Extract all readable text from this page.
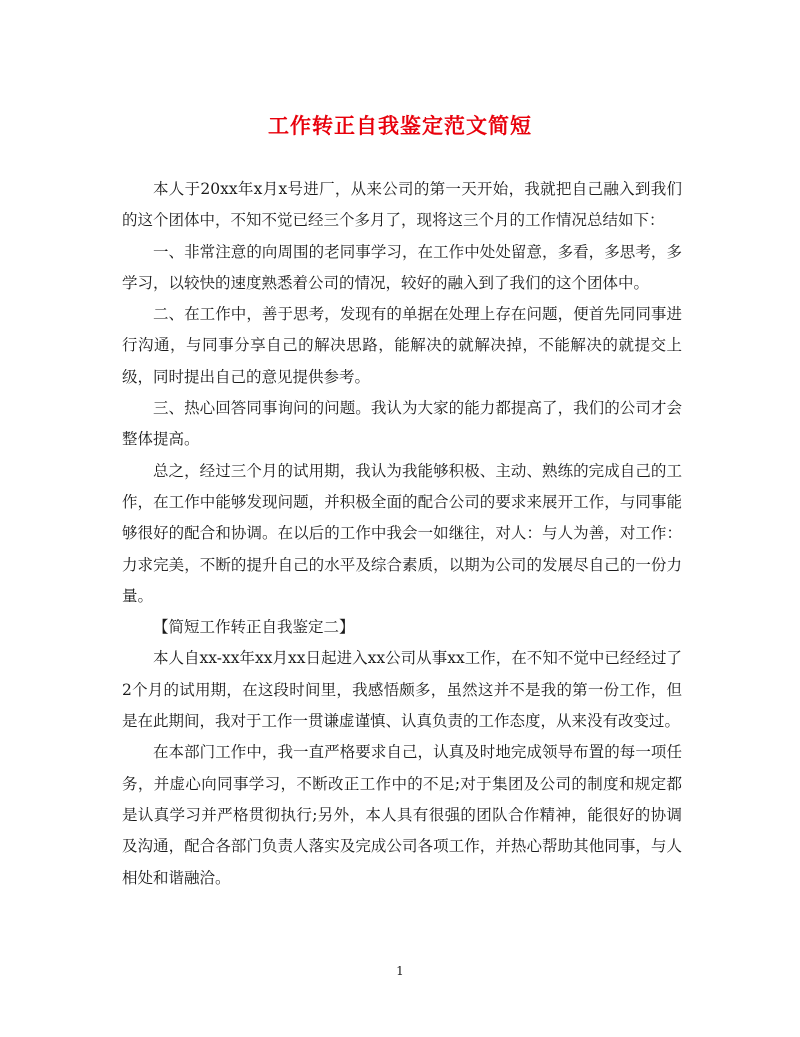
工作转正自我鉴定范文简短

本人于20xx年x月x号进厂，从来公司的第一天开始，我就把自己融入到我们的这个团体中，不知不觉已经三个多月了，现将这三个月的工作情况总结如下：

一、非常注意的向周围的老同事学习，在工作中处处留意，多看，多思考，多学习，以较快的速度熟悉着公司的情况，较好的融入到了我们的这个团体中。

二、在工作中，善于思考，发现有的单据在处理上存在问题，便首先同同事进行沟通，与同事分享自己的解决思路，能解决的就解决掉，不能解决的就提交上级，同时提出自己的意见提供参考。

三、热心回答同事询问的问题。我认为大家的能力都提高了，我们的公司才会整体提高。

总之，经过三个月的试用期，我认为我能够积极、主动、熟练的完成自己的工作，在工作中能够发现问题，并积极全面的配合公司的要求来展开工作，与同事能够很好的配合和协调。在以后的工作中我会一如继往，对人：与人为善，对工作：力求完美，不断的提升自己的水平及综合素质，以期为公司的发展尽自己的一份力量。

【简短工作转正自我鉴定二】

本人自xx-xx年xx月xx日起进入xx公司从事xx工作，在不知不觉中已经经过了2个月的试用期，在这段时间里，我感悟颇多，虽然这并不是我的第一份工作，但是在此期间，我对于工作一贯谦虚谨慎、认真负责的工作态度，从来没有改变过。

在本部门工作中，我一直严格要求自己，认真及时地完成领导布置的每一项任务，并虚心向同事学习，不断改正工作中的不足;对于集团及公司的制度和规定都是认真学习并严格贯彻执行;另外，本人具有很强的团队合作精神，能很好的协调及沟通，配合各部门负责人落实及完成公司各项工作，并热心帮助其他同事，与人相处和谐融洽。

1
